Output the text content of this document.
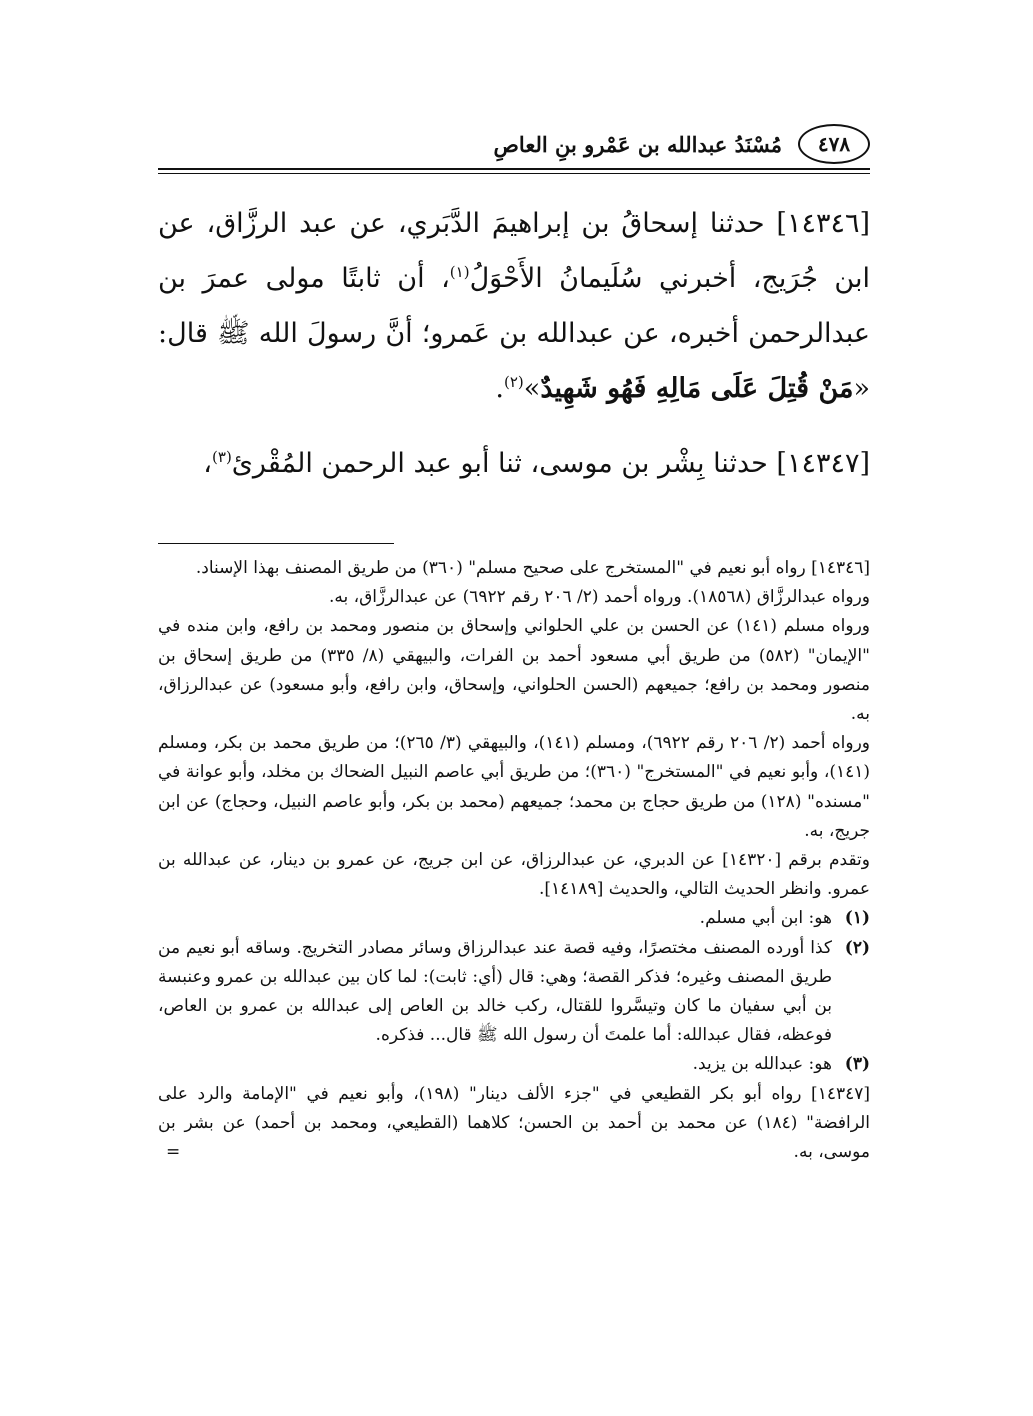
٤٧٨
مُسْنَدُ عبدالله بن عَمْرو بنِ العاصِ

[١٤٣٤٦] حدثنا إسحاقُ بن إبراهيمَ الدَّبَري، عن عبد الرزَّاق، عن ابن جُرَيج، أخبرني سُلَيمانُ الأَحْوَلُ$^{(١)}$، أن ثابتًا مولى عمرَ بن عبدالرحمن أخبره، عن عبدالله بن عَمرو؛ أنَّ رسولَ الله ﷺ قال: «مَنْ قُتِلَ عَلَى مَالِهِ فَهُو شَهِيدٌ»$^{(٢)}$.

[١٤٣٤٧] حدثنا بِشْر بن موسى، ثنا أبو عبد الرحمن المُقْرئ$^{(٣)}$،

[١٤٣٤٦] رواه أبو نعيم في "المستخرج على صحيح مسلم" (٣٦٠) من طريق المصنف بهذا الإسناد.

ورواه عبدالرزَّاق (١٨٥٦٨). ورواه أحمد (٢/ ٢٠٦ رقم ٦٩٢٢) عن عبدالرزَّاق، به.

ورواه مسلم (١٤١) عن الحسن بن علي الحلواني وإسحاق بن منصور ومحمد بن رافع، وابن منده في "الإيمان" (٥٨٢) من طريق أبي مسعود أحمد بن الفرات، والبيهقي (٨/ ٣٣٥) من طريق إسحاق بن منصور ومحمد بن رافع؛ جميعهم (الحسن الحلواني، وإسحاق، وابن رافع، وأبو مسعود) عن عبدالرزاق، به.

ورواه أحمد (٢/ ٢٠٦ رقم ٦٩٢٢)، ومسلم (١٤١)، والبيهقي (٣/ ٢٦٥)؛ من طريق محمد بن بكر، ومسلم (١٤١)، وأبو نعيم في "المستخرج" (٣٦٠)؛ من طريق أبي عاصم النبيل الضحاك بن مخلد، وأبو عوانة في "مسنده" (١٢٨) من طريق حجاج بن محمد؛ جميعهم (محمد بن بكر، وأبو عاصم النبيل، وحجاج) عن ابن جريج، به.

وتقدم برقم [١٤٣٢٠] عن الدبري، عن عبدالرزاق، عن ابن جريج، عن عمرو بن دينار، عن عبدالله بن عمرو. وانظر الحديث التالي، والحديث [١٤١٨٩].

(١)
هو: ابن أبي مسلم.
(٢)
كذا أورده المصنف مختصرًا، وفيه قصة عند عبدالرزاق وسائر مصادر التخريج. وساقه أبو نعيم من طريق المصنف وغيره؛ فذكر القصة؛ وهي: قال (أي: ثابت): لما كان بين عبدالله بن عمرو وعنبسة بن أبي سفيان ما كان وتيسَّروا للقتال، ركب خالد بن العاص إلى عبدالله بن عمرو بن العاص، فوعظه، فقال عبدالله: أما علمتَ أن رسول الله ﷺ قال... فذكره.
(٣)
هو: عبدالله بن يزيد.

[١٤٣٤٧] رواه أبو بكر القطيعي في "جزء الألف دينار" (١٩٨)، وأبو نعيم في "الإمامة والرد على الرافضة" (١٨٤) عن محمد بن أحمد بن الحسن؛ كلاهما (القطيعي، ومحمد بن أحمد) عن بشر بن موسى، به.
=
